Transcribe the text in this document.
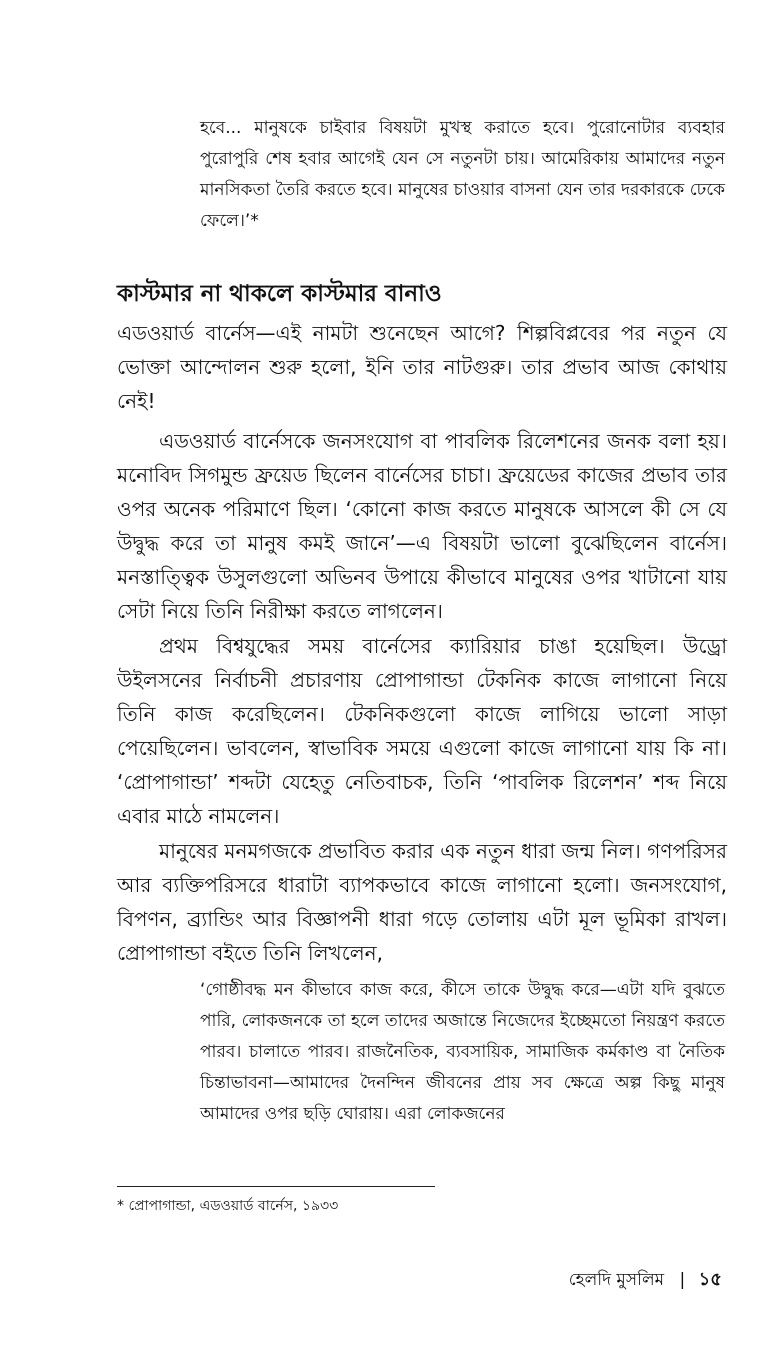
হবে... মানুষকে চাইবার বিষয়টা মুখস্থ করাতে হবে। পুরোনোটার ব্যবহার পুরোপুরি শেষ হবার আগেই যেন সে নতুনটা চায়। আমেরিকায় আমাদের নতুন মানসিকতা তৈরি করতে হবে। মানুষের চাওয়ার বাসনা যেন তার দরকারকে ঢেকে ফেলে।’*

কাস্টমার না থাকলে কাস্টমার বানাও

এডওয়ার্ড বার্নেস—এই নামটা শুনেছেন আগে? শিল্পবিপ্লবের পর নতুন যে ভোক্তা আন্দোলন শুরু হলো, ইনি তার নাটগুরু। তার প্রভাব আজ কোথায় নেই!

এডওয়ার্ড বার্নেসকে জনসংযোগ বা পাবলিক রিলেশনের জনক বলা হয়। মনোবিদ সিগমুন্ড ফ্রয়েড ছিলেন বার্নেসের চাচা। ফ্রয়েডের কাজের প্রভাব তার ওপর অনেক পরিমাণে ছিল। ‘কোনো কাজ করতে মানুষকে আসলে কী সে যে উদ্বুদ্ধ করে তা মানুষ কমই জানে’—এ বিষয়টা ভালো বুঝেছিলেন বার্নেস। মনস্তাত্ত্বিক উসুলগুলো অভিনব উপায়ে কীভাবে মানুষের ওপর খাটানো যায় সেটা নিয়ে তিনি নিরীক্ষা করতে লাগলেন।

প্রথম বিশ্বযুদ্ধের সময় বার্নেসের ক্যারিয়ার চাঙা হয়েছিল। উড্রো উইলসনের নির্বাচনী প্রচারণায় প্রোপাগান্ডা টেকনিক কাজে লাগানো নিয়ে তিনি কাজ করেছিলেন। টেকনিকগুলো কাজে লাগিয়ে ভালো সাড়া পেয়েছিলেন। ভাবলেন, স্বাভাবিক সময়ে এগুলো কাজে লাগানো যায় কি না। ‘প্রোপাগান্ডা’ শব্দটা যেহেতু নেতিবাচক, তিনি ‘পাবলিক রিলেশন’ শব্দ নিয়ে এবার মাঠে নামলেন।

মানুষের মনমগজকে প্রভাবিত করার এক নতুন ধারা জন্ম নিল। গণপরিসর আর ব্যক্তিপরিসরে ধারাটা ব্যাপকভাবে কাজে লাগানো হলো। জনসংযোগ, বিপণন, ব্র্যান্ডিং আর বিজ্ঞাপনী ধারা গড়ে তোলায় এটা মূল ভূমিকা রাখল। প্রোপাগান্ডা বইতে তিনি লিখলেন,

‘গোষ্ঠীবদ্ধ মন কীভাবে কাজ করে, কীসে তাকে উদ্বুদ্ধ করে—এটা যদি বুঝতে পারি, লোকজনকে তা হলে তাদের অজান্তে নিজেদের ইচ্ছেমতো নিয়ন্ত্রণ করতে পারব। চালাতে পারব। রাজনৈতিক, ব্যবসায়িক, সামাজিক কর্মকাণ্ড বা নৈতিক চিন্তাভাবনা—আমাদের দৈনন্দিন জীবনের প্রায় সব ক্ষেত্রে অল্প কিছু মানুষ আমাদের ওপর ছড়ি ঘোরায়। এরা লোকজনের

* প্রোপাগান্ডা, এডওয়ার্ড বার্নেস, ১৯৩৩

হেলদি মুসলিম | ১৫
